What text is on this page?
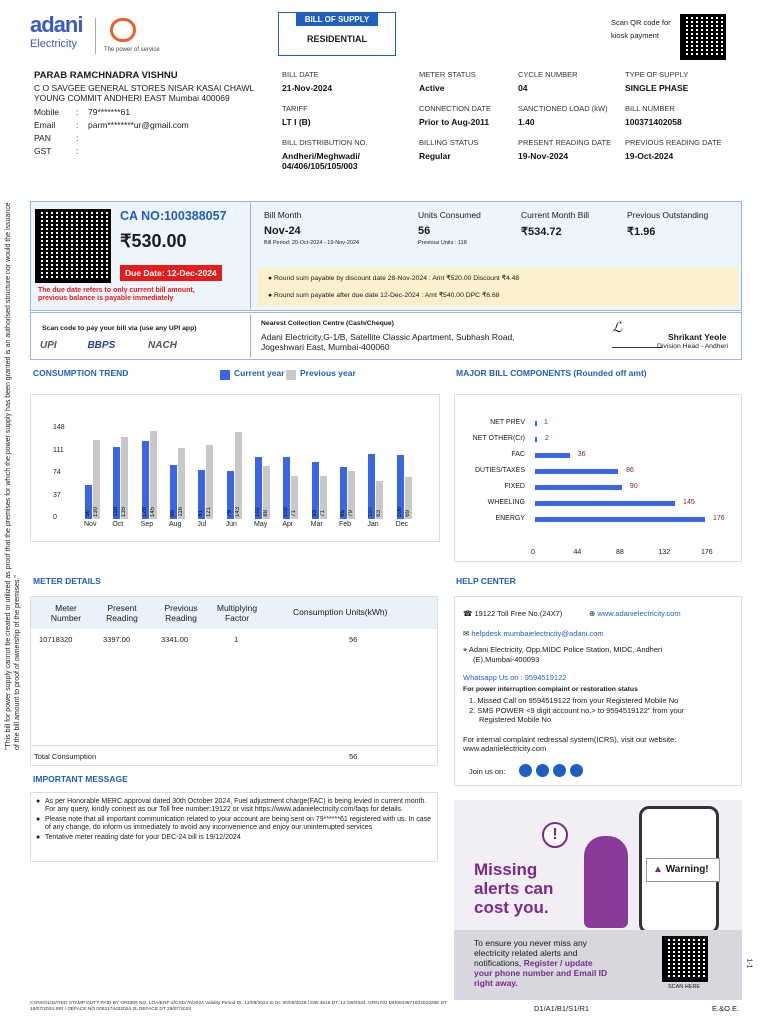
adani
Electricity	The power of service
BILL OF SUPPLY
RESIDENTIAL
Scan QR code for
kiosk payment
PARAB RAMCHNADRA VISHNU
C O SAVGEE GENERAL STORES NISAR KASAI CHAWL
YOUNG COMMIT ANDHERI EAST Mumbai 400069
Mobile : 79*******61
Email : parm********ur@gmail.com
PAN	:
GST	:
BILL DATE
21-Nov-2024
METER STATUS
Active
CYCLE NUMBER
04
TYPE OF SUPPLY
SINGLE PHASE
TARIFF
LT I (B)
CONNECTION DATE
Prior to Aug-2011
SANCTIONED LOAD (kW)
1.40
BILL NUMBER
100371402058
BILL DISTRIBUTION NO.
Andheri/Meghwadi/
04/406/105/105/003
BILLING STATUS
Regular
PRESENT READING DATE
19-Nov-2024
PREVIOUS READING DATE
19-Oct-2024
"This bill for power supply cannot be created or utilized as proof that the premises for which the power supply has been granted is an authorised structure nor would the issuance of the bill amount to proof of ownership of the premises."
CA NO:100388057
₹530.00
Due Date: 12-Dec-2024
The due date refers to only current bill amount,
previous balance is payable immediately
Bill Month
Nov-24
Bill Period: 20-Oct-2024 - 19-Nov-2024
Units Consumed
56
Previous Units : 118
Current Month Bill
₹534.72
Previous Outstanding
₹1.96
● Round sum payable by discount date 28-Nov-2024 : Amt ₹520.00 Discount ₹4.48
● Round sum payable after due date 12-Dec-2024 : Amt ₹540.00 DPC ₹6.68
Scan code to pay your bill via (use any UPI app)
UPI	BBPS	NACH
Nearest Collection Centre (Cash/Cheque)
Adani Electricity,G-1/B, Satellite Classic Apartment, Subhash Road,
Jogeshwari East, Mumbai-400060
ℒ
Shrikant Yeole
Division Head - Andheri
CONSUMPTION TREND	Current year Previous year
0
37
74
111
148
56 130 118 135 128 145 89 116 81 121 79 143 102 88 102 71 93 71 85 79 107 63 106 69
Nov Oct Sep Aug Jul	Jun May Apr Mar Feb Jan Dec
MAJOR BILL COMPONENTS (Rounded off amt)
NET PREV	1
NET OTHER(Cr)	2
FAC	36
DUTIES/TAXES	86
FIXED	90
WHEELING	145
ENERGY	176
0	44	88	132	176
METER DETAILS
Meter Number
Present Reading
Previous Reading
Multiplying Factor
Consumption Units(kWh)
10718320	3397.00	3341.00	1	56
Total Consumption	56
HELP CENTER
☎ 19122 Toll Free No.(24X7)	⊕ www.adanielectricity.com
✉ helpdesk.mumbaielectricity@adani.com
⌖ Adani Electricity, Opp.MIDC Police Station, MIDC, Andheri
(E),Mumbai-400093
Whatsapp Us on : 9594519122
For power interruption complaint or restoration status
1. Missed Call on 9594519122 from your Registered Mobile No
2. SMS POWER <9 digit account no.> to 9594519122" from your
Registered Mobile No
For internal complaint redressal system(ICRS), visit our website:
www.adanielectricity.com
Join us on:
IMPORTANT MESSAGE
● As per Honorable MERC approval dated 30th October 2024, Fuel adjustment charge(FAC) is being levied in current month. For any query, kindly connect as our Toll free number:19122 or visit https://www.adanielectricity.com/faqs for details.
● Please note that all important communication related to your account are being sent on 79******61 registered with us. In case of any change, do inform us immediately to avoid any inconvenience and enjoy our uninterrupted services
● Tentative meter reading date for your DEC-24 bill is 19/12/2024
Missing
alerts can
cost you.
!
▲ Warning!
To ensure you never miss any
electricity related alerts and
notifications, Register / update
your phone number and Email ID
right away.	SCAN HERE
CONSOLIDATED STAMP DUTY PAID BY ORDER NO. LOA/ENF-2/CSD/76/2024 Validity Period Dt. 13/09/2024 to Dt. 30/09/2026 / DW 4616 DT. 13 /09/2024. GRN NO MH004367163202426E DT
18/07/2024.SRI / DEFACE NO 0052174432024 2L DEFACE DT 29/07/2024	D1/A1/B1/S1/R1	E.&O.E.
1-1
